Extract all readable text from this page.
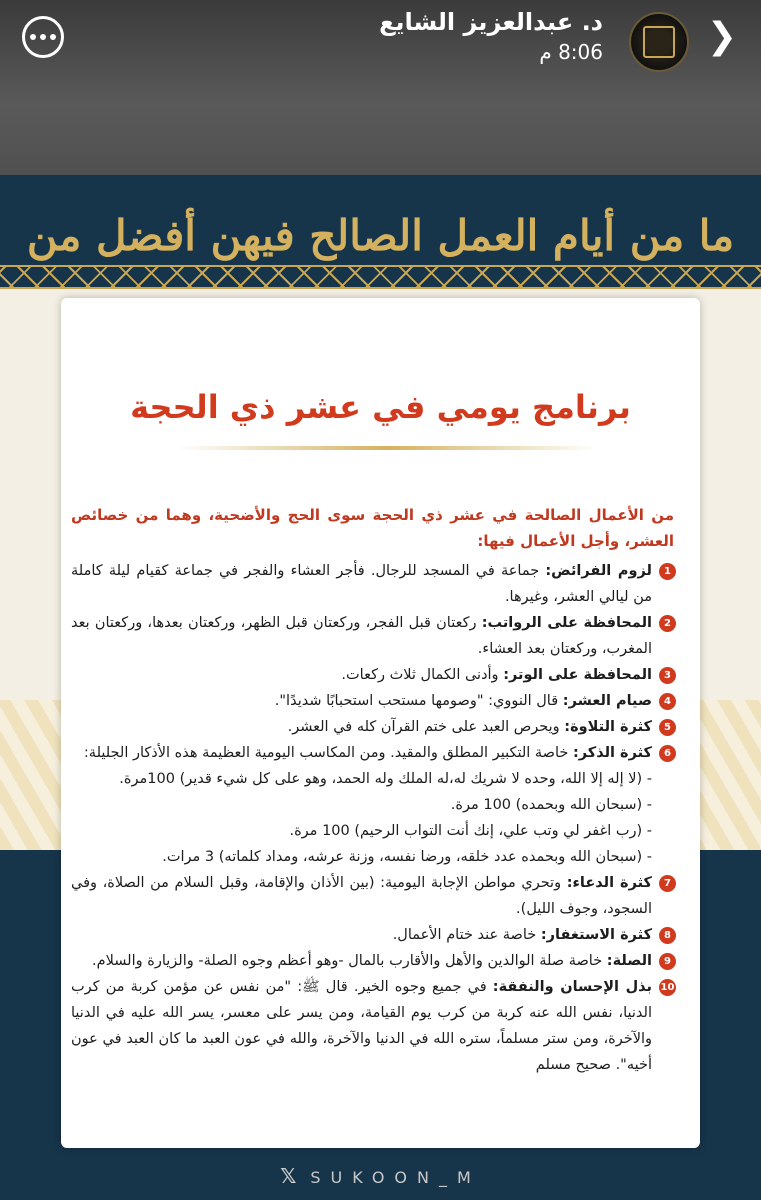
د. عبدالعزيز الشايع
8:06 م	❯
ما من أيام العمل الصالح فيهن أفضل من
برنامج يومي في عشر ذي الحجة

من الأعمال الصالحة في عشر ذي الحجة سوى الحج والأضحية، وهما من خصائص العشر، وأجل الأعمال فيها:

1
لزوم الفرائض: جماعة في المسجد للرجال. فأجر العشاء والفجر في جماعة كقيام ليلة كاملة من ليالي العشر، وغيرها.

2
المحافظة على الرواتب: ركعتان قبل الفجر، وركعتان قبل الظهر، وركعتان بعدها، وركعتان بعد المغرب، وركعتان بعد العشاء.

3
المحافظة على الوتر: وأدنى الكمال ثلاث ركعات.

4
صيام العشر: قال النووي: "وصومها مستحب استحبابًا شديدًا".

5
كثرة التلاوة: ويحرص العبد على ختم القرآن كله في العشر.

6
كثرة الذكر: خاصة التكبير المطلق والمقيد. ومن المكاسب اليومية العظيمة هذه الأذكار الجليلة:

- (لا إله إلا الله، وحده لا شريك له،له الملك وله الحمد، وهو على كل شيء قدير) 100مرة.

- (سبحان الله وبحمده) 100 مرة.

- (رب اغفر لي وتب علي، إنك أنت التواب الرحيم) 100 مرة.

- (سبحان الله وبحمده عدد خلقه، ورضا نفسه، وزنة عرشه، ومداد كلماته) 3 مرات.

7
كثرة الدعاء: وتحري مواطن الإجابة اليومية: (بين الأذان والإقامة، وقبل السلام من الصلاة، وفي السجود، وجوف الليل).

8
كثرة الاستغفار: خاصة عند ختام الأعمال.

9
الصلة: خاصة صلة الوالدين والأهل والأقارب بالمال -وهو أعظم وجوه الصلة- والزيارة والسلام.

10
بذل الإحسان والنفقة: في جميع وجوه الخير. قال ﷺ: "من نفس عن مؤمن كربة من كرب الدنيا، نفس الله عنه كربة من كرب يوم القيامة، ومن يسر على معسر، يسر الله عليه في الدنيا والآخرة، ومن ستر مسلماً، ستره الله في الدنيا والآخرة، والله في عون العبد ما كان العبد في عون أخيه". صحيح مسلم

𝕏 SUKOON_M
